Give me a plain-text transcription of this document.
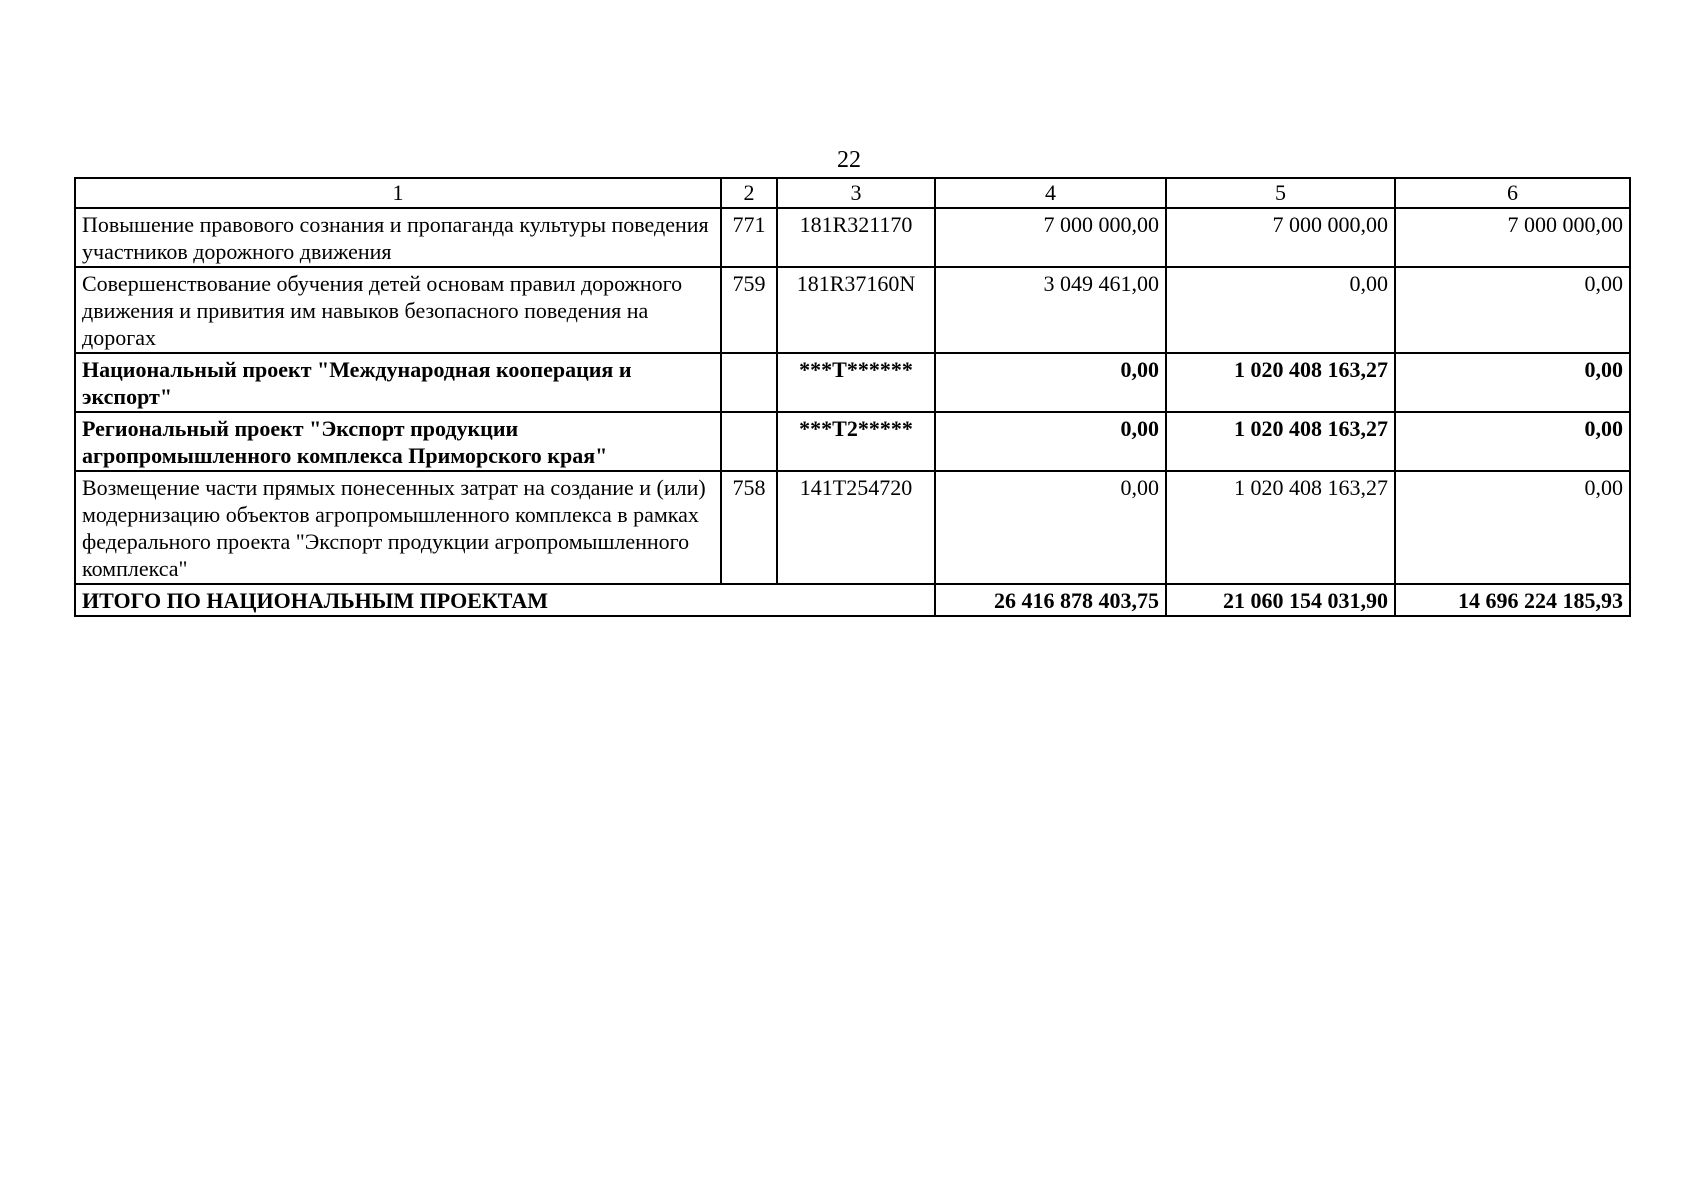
22
1	2	3	4	5	6
Повышение правового сознания и пропаганда культуры поведения участников дорожного движения	771	181R321170	7 000 000,00	7 000 000,00	7 000 000,00
Совершенствование обучения детей основам правил дорожного движения и привития им навыков безопасного поведения на дорогах	759	181R37160N	3 049 461,00	0,00	0,00
Национальный проект "Международная кооперация и экспорт"		***T******	0,00	1 020 408 163,27	0,00
Региональный проект "Экспорт продукции агропромышленного комплекса Приморского края"		***T2*****	0,00	1 020 408 163,27	0,00
Возмещение части прямых понесенных затрат на создание и (или) модернизацию объектов агропромышленного комплекса в рамках федерального проекта "Экспорт продукции агропромышленного комплекса"	758	141T254720	0,00	1 020 408 163,27	0,00
ИТОГО ПО НАЦИОНАЛЬНЫМ ПРОЕКТАМ			26 416 878 403,75	21 060 154 031,90	14 696 224 185,93
